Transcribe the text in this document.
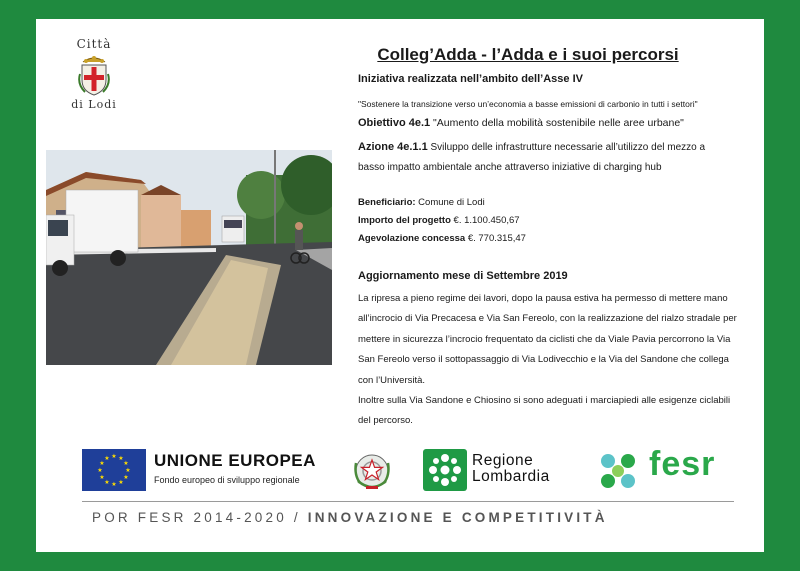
Città
di Lodi
Colleg’Adda - l’Adda e i suoi percorsi
Iniziativa realizzata nell’ambito dell’Asse IV
"Sostenere la transizione verso un’economia a basse emissioni di carbonio in tutti i settori"
Obiettivo 4e.1 "Aumento della mobilità sostenibile nelle aree urbane"
Azione 4e.1.1 Sviluppo delle infrastrutture necessarie all’utilizzo del mezzo a basso impatto ambientale anche attraverso iniziative di charging hub
Beneficiario: Comune di Lodi
Importo del progetto €. 1.100.450,67
Agevolazione concessa €. 770.315,47
Aggiornamento mese di Settembre 2019

La ripresa a pieno regime dei lavori, dopo la pausa estiva ha permesso di mettere mano all’incrocio di Via Precacesa e Via San Fereolo, con la realizzazione del rialzo stradale per mettere in sicurezza l’incrocio frequentato da ciclisti che da Viale Pavia percorrono la Via San Fereolo verso il sottopassaggio di Via Lodivecchio e la Via del Sandone che collega con l’Università.

Inoltre sulla Via Sandone e Chiosino si sono adeguati i marciapiedi alle esigenze ciclabili del percorso.

★ ★
★
★
★
★
★
★
★
★
★
★	UNIONE EUROPEA
Fondo europeo di sviluppo regionale
Regione
Lombardia	fesr
POR FESR 2014-2020 / INNOVAZIONE E COMPETITIVITÀ
